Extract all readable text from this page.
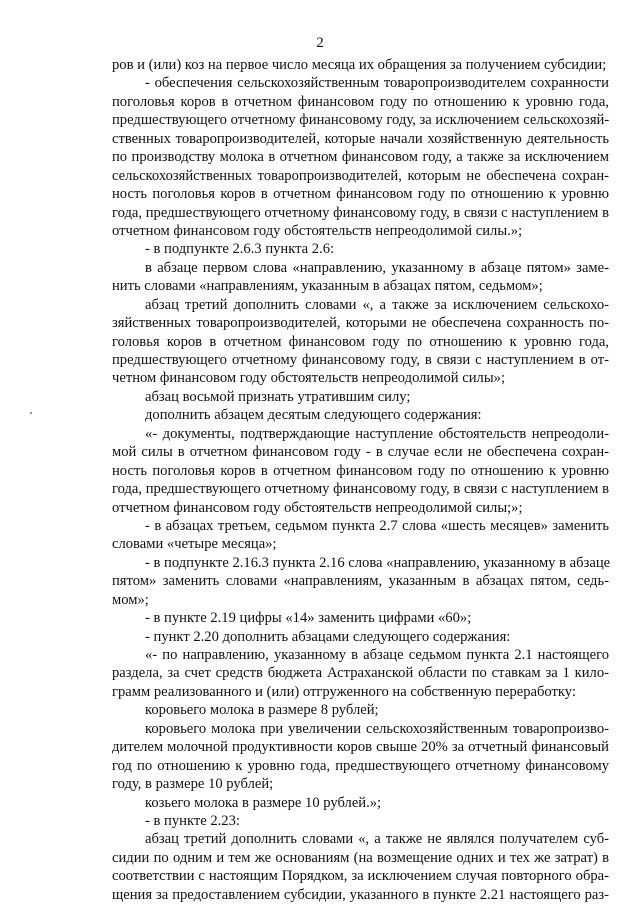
2
ров и (или) коз на первое число месяца их обращения за получением субсидии;
- обеспечения сельскохозяйственным товаропроизводителем сохранности
поголовья коров в отчетном финансовом году по отношению к уровню года,
предшествующего отчетному финансовому году, за исключением сельскохозяй-
ственных товаропроизводителей, которые начали хозяйственную деятельность
по производству молока в отчетном финансовом году, а также за исключением
сельскохозяйственных товаропроизводителей, которым не обеспечена сохран-
ность поголовья коров в отчетном финансовом году по отношению к уровню
года, предшествующего отчетному финансовому году, в связи с наступлением в
отчетном финансовом году обстоятельств непреодолимой силы.»;
- в подпункте 2.6.3 пункта 2.6:
в абзаце первом слова «направлению, указанному в абзаце пятом» заме-
нить словами «направлениям, указанным в абзацах пятом, седьмом»;
абзац третий дополнить словами «, а также за исключением сельскохо-
зяйственных товаропроизводителей, которыми не обеспечена сохранность по-
головья коров в отчетном финансовом году по отношению к уровню года,
предшествующего отчетному финансовому году, в связи с наступлением в от-
четном финансовом году обстоятельств непреодолимой силы»;
абзац восьмой признать утратившим силу;
дополнить абзацем десятым следующего содержания:
«- документы, подтверждающие наступление обстоятельств непреодоли-
мой силы в отчетном финансовом году - в случае если не обеспечена сохран-
ность поголовья коров в отчетном финансовом году по отношению к уровню
года, предшествующего отчетному финансовому году, в связи с наступлением в
отчетном финансовом году обстоятельств непреодолимой силы;»;
- в абзацах третьем, седьмом пункта 2.7 слова «шесть месяцев» заменить
словами «четыре месяца»;
- в подпункте 2.16.3 пункта 2.16 слова «направлению, указанному в абзаце
пятом» заменить словами «направлениям, указанным в абзацах пятом, седь-
мом»;
- в пункте 2.19 цифры «14» заменить цифрами «60»;
- пункт 2.20 дополнить абзацами следующего содержания:
«- по направлению, указанному в абзаце седьмом пункта 2.1 настоящего
раздела, за счет средств бюджета Астраханской области по ставкам за 1 кило-
грамм реализованного и (или) отгруженного на собственную переработку:
коровьего молока в размере 8 рублей;
коровьего молока при увеличении сельскохозяйственным товаропроизво-
дителем молочной продуктивности коров свыше 20% за отчетный финансовый
год по отношению к уровню года, предшествующего отчетному финансовому
году, в размере 10 рублей;
козьего молока в размере 10 рублей.»;
- в пункте 2.23:
абзац третий дополнить словами «, а также не являлся получателем суб-
сидии по одним и тем же основаниям (на возмещение одних и тех же затрат) в
соответствии с настоящим Порядком, за исключением случая повторного обра-
щения за предоставлением субсидии, указанного в пункте 2.21 настоящего раз-
